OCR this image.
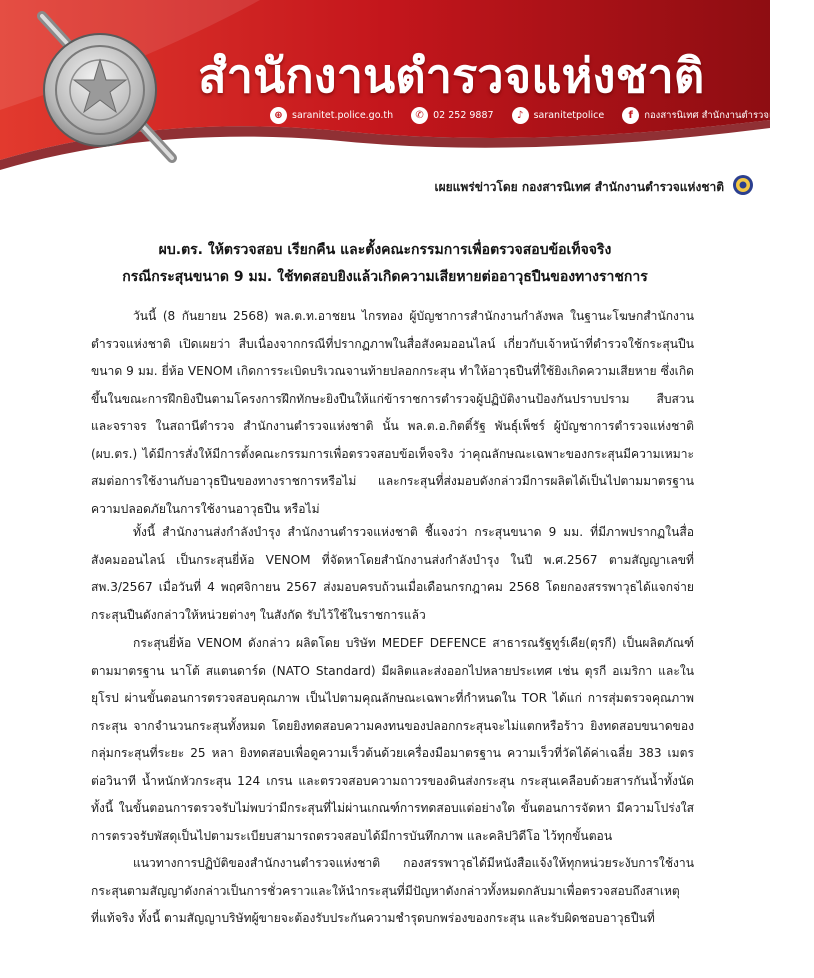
สำนักงานตำรวจแห่งชาติ
⊕ saranitet.police.go.th	✆ 02 252 9887	♪	saranitetpolice	f	กองสารนิเทศ สำนักงานตำรวจแห่งชาติ
เผยแพร่ข่าวโดย กองสารนิเทศ สำนักงานตำรวจแห่งชาติ
ผบ.ตร. ให้ตรวจสอบ เรียกคืน และตั้งคณะกรรมการเพื่อตรวจสอบข้อเท็จจริง
กรณีกระสุนขนาด 9 มม. ใช้ทดสอบยิงแล้วเกิดความเสียหายต่ออาวุธปืนของทางราชการ
วันนี้ (8 กันยายน 2568) พล.ต.ท.อาชยน ไกรทอง ผู้บัญชาการสำนักงานกำลังพล ในฐานะโฆษกสำนักงานตำรวจแห่งชาติ เปิดเผยว่า สืบเนื่องจากกรณีที่ปรากฏภาพในสื่อสังคมออนไลน์ เกี่ยวกับเจ้าหน้าที่ตำรวจใช้กระสุนปืนขนาด 9 มม. ยี่ห้อ VENOM เกิดการระเบิดบริเวณจานท้ายปลอกกระสุน ทำให้อาวุธปืนที่ใช้ยิงเกิดความเสียหาย ซึ่งเกิดขึ้นในขณะการฝึกยิงปืนตามโครงการฝึกทักษะยิงปืนให้แก่ข้าราชการตำรวจผู้ปฏิบัติงานป้องกันปราบปราม สืบสวน และจราจร ในสถานีตำรวจ สำนักงานตำรวจแห่งชาติ นั้น พล.ต.อ.กิตติ์รัฐ พันธุ์เพ็ชร์ ผู้บัญชาการตำรวจแห่งชาติ (ผบ.ตร.) ได้มีการสั่งให้มีการตั้งคณะกรรมการเพื่อตรวจสอบข้อเท็จจริง ว่าคุณลักษณะเฉพาะของกระสุนมีความเหมาะสมต่อการใช้งานกับอาวุธปืนของทางราชการหรือไม่ และกระสุนที่ส่งมอบดังกล่าวมีการผลิตได้เป็นไปตามมาตรฐานความปลอดภัยในการใช้งานอาวุธปืน หรือไม่
ทั้งนี้ สำนักงานส่งกำลังบำรุง สำนักงานตำรวจแห่งชาติ ชี้แจงว่า กระสุนขนาด 9 มม. ที่มีภาพปรากฏในสื่อสังคมออนไลน์ เป็นกระสุนยี่ห้อ VENOM ที่จัดหาโดยสำนักงานส่งกำลังบำรุง ในปี พ.ศ.2567 ตามสัญญาเลขที่ สพ.3/2567 เมื่อวันที่ 4 พฤศจิกายน 2567 ส่งมอบครบถ้วนเมื่อเดือนกรกฎาคม 2568 โดยกองสรรพาวุธได้แจกจ่ายกระสุนปืนดังกล่าวให้หน่วยต่างๆ ในสังกัด รับไว้ใช้ในราชการแล้ว
กระสุนยี่ห้อ VENOM ดังกล่าว ผลิตโดย บริษัท MEDEF DEFENCE สาธารณรัฐทูร์เคีย(ตุรกี) เป็นผลิตภัณฑ์ตามมาตรฐาน นาโต้ สแตนดาร์ด (NATO Standard) มีผลิตและส่งออกไปหลายประเทศ เช่น ตุรกี อเมริกา และในยุโรป ผ่านขั้นตอนการตรวจสอบคุณภาพ เป็นไปตามคุณลักษณะเฉพาะที่กำหนดใน TOR ได้แก่ การสุ่มตรวจคุณภาพกระสุน จากจำนวนกระสุนทั้งหมด โดยยิงทดสอบความคงทนของปลอกกระสุนจะไม่แตกหรือร้าว ยิงทดสอบขนาดของกลุ่มกระสุนที่ระยะ 25 หลา ยิงทดสอบเพื่อดูความเร็วต้นด้วยเครื่องมือมาตรฐาน ความเร็วที่วัดได้ค่าเฉลี่ย 383 เมตรต่อวินาที น้ำหนักหัวกระสุน 124 เกรน และตรวจสอบความถาวรของดินส่งกระสุน กระสุนเคลือบด้วยสารกันน้ำทั้งนัด ทั้งนี้ ในขั้นตอนการตรวจรับไม่พบว่ามีกระสุนที่ไม่ผ่านเกณฑ์การทดสอบแต่อย่างใด ขั้นตอนการจัดหา มีความโปร่งใส การตรวจรับพัสดุเป็นไปตามระเบียบสามารถตรวจสอบได้มีการบันทึกภาพ และคลิปวิดีโอ ไว้ทุกขั้นตอน
แนวทางการปฏิบัติของสำนักงานตำรวจแห่งชาติ กองสรรพาวุธได้มีหนังสือแจ้งให้ทุกหน่วยระงับการใช้งานกระสุนตามสัญญาดังกล่าวเป็นการชั่วคราวและให้นำกระสุนที่มีปัญหาดังกล่าวทั้งหมดกลับมาเพื่อตรวจสอบถึงสาเหตุที่แท้จริง ทั้งนี้ ตามสัญญาบริษัทผู้ขายจะต้องรับประกันความชำรุดบกพร่องของกระสุน และรับผิดชอบอาวุธปืนที่
